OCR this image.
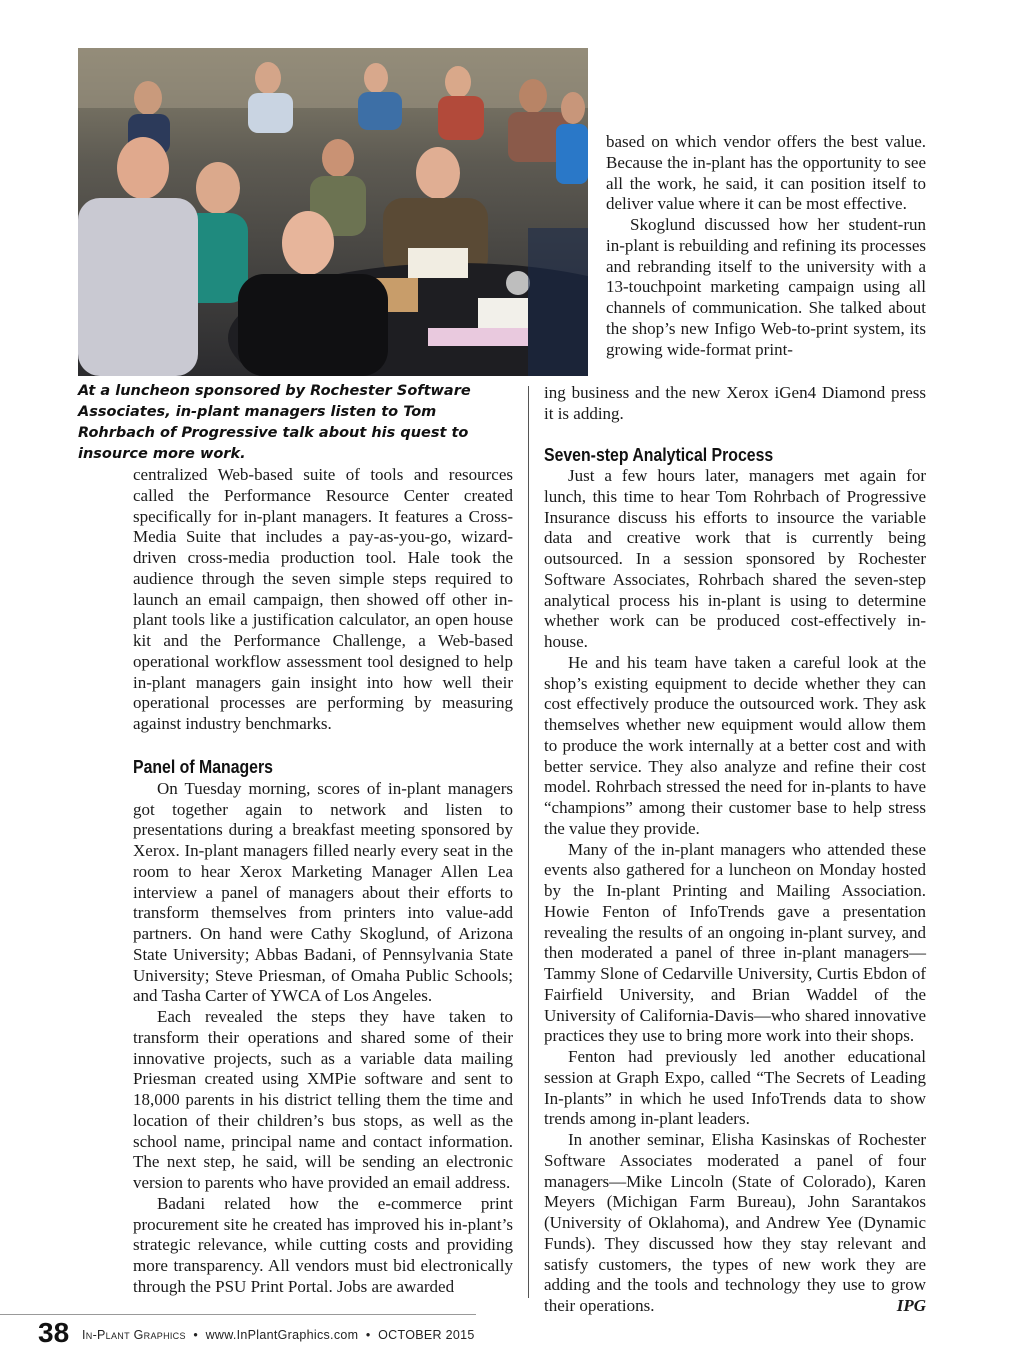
At a luncheon sponsored by Rochester Software Associates, in-plant managers listen to Tom Rohrbach of Progressive talk about his quest to insource more work.

centralized Web-based suite of tools and resources called the Performance Resource Center created specifically for in-plant managers. It features a Cross-Media Suite that includes a pay-as-you-go, wizard-driven cross-media production tool. Hale took the audience through the seven simple steps required to launch an email campaign, then showed off other in-plant tools like a justification calculator, an open house kit and the Performance Challenge, a Web-based operational workflow assessment tool designed to help in-plant managers gain insight into how well their operational processes are performing by measuring against industry benchmarks.

Panel of Managers

On Tuesday morning, scores of in-plant managers got together again to network and listen to presentations during a breakfast meeting sponsored by Xerox. In-plant managers filled nearly every seat in the room to hear Xerox Marketing Manager Allen Lea interview a panel of managers about their efforts to transform themselves from printers into value-add partners. On hand were Cathy Skoglund, of Arizona State University; Abbas Badani, of Pennsylvania State University; Steve Priesman, of Omaha Public Schools; and Tasha Carter of YWCA of Los Angeles.

Each revealed the steps they have taken to transform their operations and shared some of their innovative projects, such as a variable data mailing Priesman created using XMPie software and sent to 18,000 parents in his district telling them the time and location of their children’s bus stops, as well as the school name, principal name and contact information. The next step, he said, will be sending an electronic version to parents who have provided an email address.

Badani related how the e-commerce print procurement site he created has improved his in-plant’s strategic relevance, while cutting costs and providing more transparency. All vendors must bid electronically through the PSU Print Portal. Jobs are awarded

based on which vendor offers the best value. Because the in-plant has the opportunity to see all the work, he said, it can position itself to deliver value where it can be most effective.

Skoglund discussed how her student-run in-plant is rebuilding and refining its processes and rebranding itself to the university with a 13-touchpoint marketing campaign using all channels of communication. She talked about the shop’s new Infigo Web-to-print system, its growing wide-format print-

ing business and the new Xerox iGen4 Diamond press it is adding.

Seven-step Analytical Process

Just a few hours later, managers met again for lunch, this time to hear Tom Rohrbach of Progressive Insurance discuss his efforts to insource the variable data and creative work that is currently being outsourced. In a session sponsored by Rochester Software Associates, Rohrbach shared the seven-step analytical process his in-plant is using to determine whether work can be produced cost-effectively in-house.

He and his team have taken a careful look at the shop’s existing equipment to decide whether they can cost effectively produce the outsourced work. They ask themselves whether new equipment would allow them to produce the work internally at a better cost and with better service. They also analyze and refine their cost model. Rohrbach stressed the need for in-plants to have “champions” among their customer base to help stress the value they provide.

Many of the in-plant managers who attended these events also gathered for a luncheon on Monday hosted by the In-plant Printing and Mailing Association. Howie Fenton of InfoTrends gave a presentation revealing the results of an ongoing in-plant survey, and then moderated a panel of three in-plant managers—Tammy Slone of Cedarville University, Curtis Ebdon of Fairfield University, and Brian Waddel of the University of California-Davis—who shared innovative practices they use to bring more work into their shops.

Fenton had previously led another educational session at Graph Expo, called “The Secrets of Leading In-plants” in which he used InfoTrends data to show trends among in-plant leaders.

In another seminar, Elisha Kasinskas of Rochester Software Associates moderated a panel of four managers—Mike Lincoln (State of Colorado), Karen Meyers (Michigan Farm Bureau), John Sarantakos (University of Oklahoma), and Andrew Yee (Dynamic Funds). They discussed how they stay relevant and satisfy customers, the types of new work they are adding and the tools and technology they use to grow their operations.	IPG

38 In-Plant Graphics • www.InPlantGraphics.com • OCTOBER 2015
